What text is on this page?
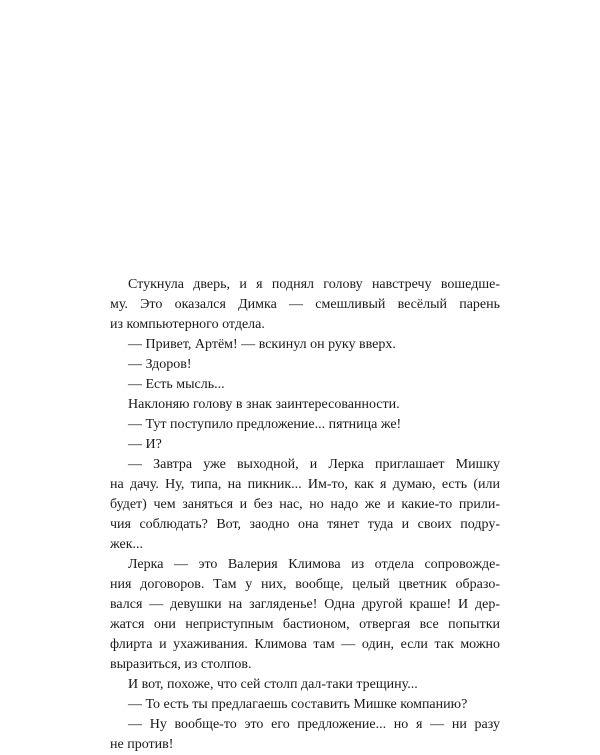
Стукнула дверь, и я поднял голову навстречу вошедше-
му. Это оказался Димка — смешливый весёлый парень
из компьютерного отдела.
— Привет, Артём! — вскинул он руку вверх.
— Здоров!
— Есть мысль...
Наклоняю голову в знак заинтересованности.
— Тут поступило предложение... пятница же!
— И?
— Завтра уже выходной, и Лерка приглашает Мишку
на дачу. Ну, типа, на пикник... Им-то, как я думаю, есть (или
будет) чем заняться и без нас, но надо же и какие-то прили-
чия соблюдать? Вот, заодно она тянет туда и своих подру-
жек...
Лерка — это Валерия Климова из отдела сопровожде-
ния договоров. Там у них, вообще, целый цветник образо-
вался — девушки на загляденье! Одна другой краше! И дер-
жатся они неприступным бастионом, отвергая все попытки
флирта и ухаживания. Климова там — один, если так можно
выразиться, из столпов.
И вот, похоже, что сей столп дал-таки трещину...
— То есть ты предлагаешь составить Мишке компанию?
— Ну вообще-то это его предложение... но я — ни разу
не против!
